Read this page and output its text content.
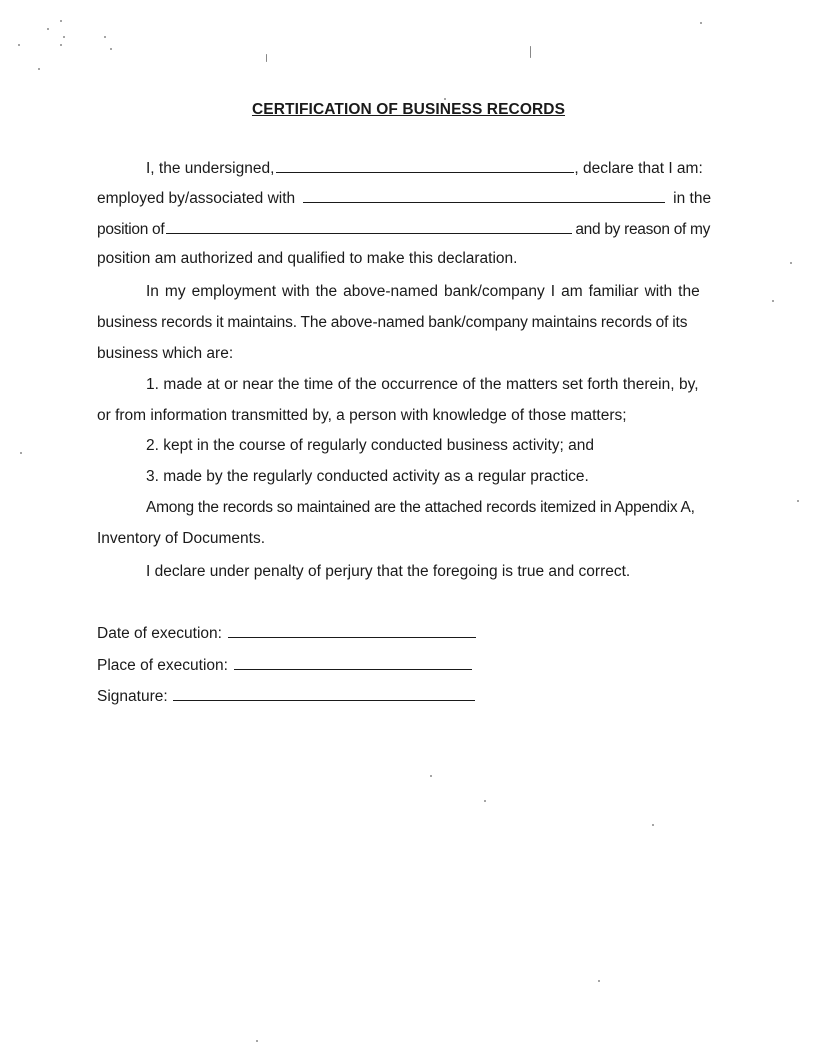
CERTIFICATION OF BUSINESS RECORDS
I, the undersigned,	, declare that I am:
employed by/associated with	in the
position of	and by reason of my
position am authorized and qualified to make this declaration.
In my employment with the above-named bank/company I am familiar with the
business records it maintains. The above-named bank/company maintains records of its
business which are:
1. made at or near the time of the occurrence of the matters set forth therein, by,
or from information transmitted by, a person with knowledge of those matters;
2. kept in the course of regularly conducted business activity; and
3. made by the regularly conducted activity as a regular practice.
Among the records so maintained are the attached records itemized in Appendix A,
Inventory of Documents.
I declare under penalty of perjury that the foregoing is true and correct.
Date of execution:
Place of execution:
Signature:
